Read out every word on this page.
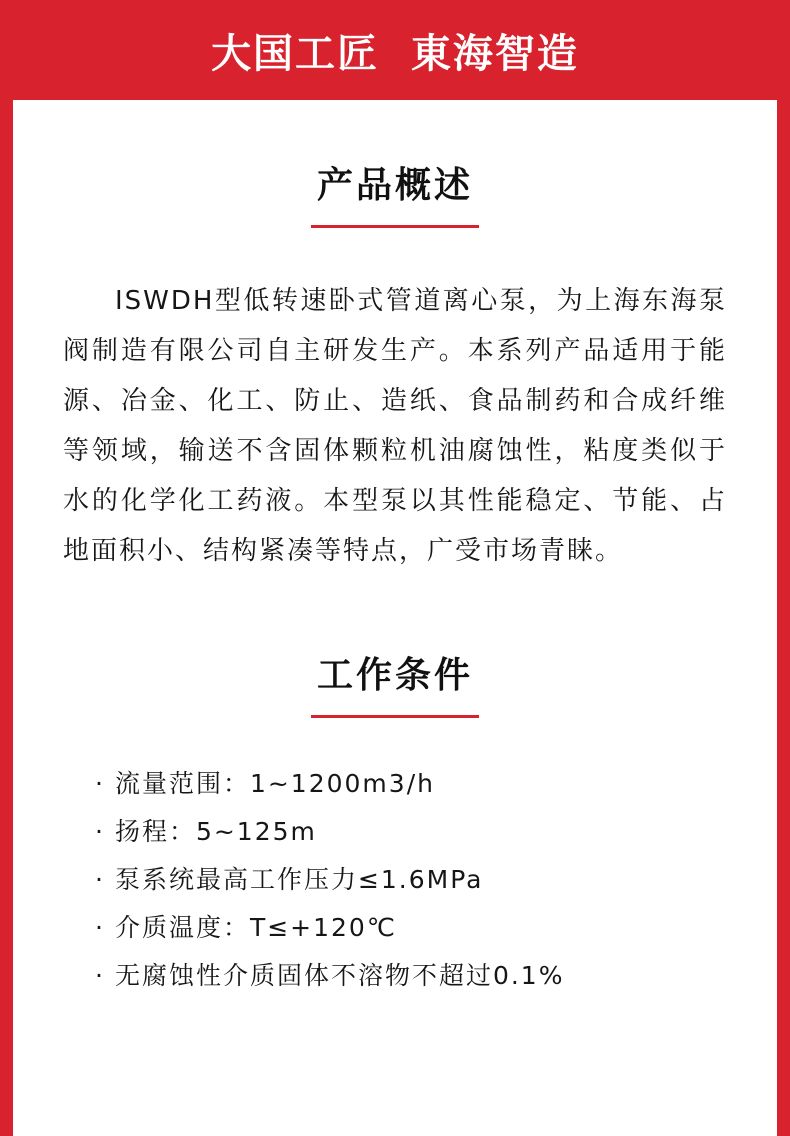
大国工匠  東海智造
产品概述
ISWDH型低转速卧式管道离心泵，为上海东海泵阀制造有限公司自主研发生产。本系列产品适用于能源、冶金、化工、防止、造纸、食品制药和合成纤维等领域，输送不含固体颗粒机油腐蚀性，粘度类似于水的化学化工药液。本型泵以其性能稳定、节能、占地面积小、结构紧凑等特点，广受市场青睐。
工作条件
· 流量范围：1~1200m3/h
· 扬程：5~125m
· 泵系统最高工作压力≤1.6MPa
· 介质温度：T≤+120℃
· 无腐蚀性介质固体不溶物不超过0.1%
